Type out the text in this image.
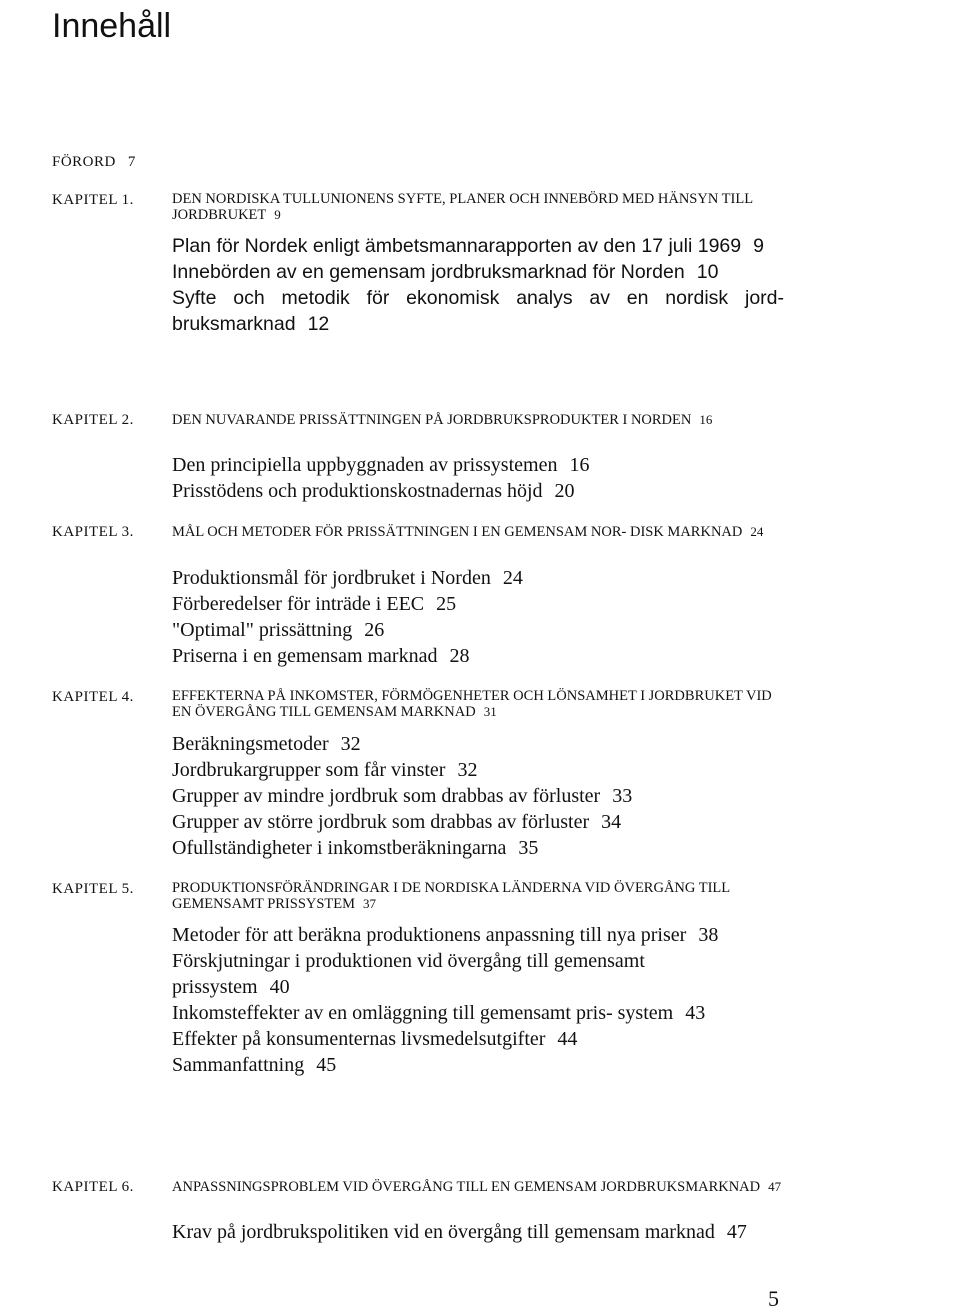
Innehåll
FÖRORD 7
KAPITEL 1.	DEN NORDISKA TULLUNIONENS SYFTE, PLANER OCH INNEBÖRD MED HÄNSYN TILL JORDBRUKET 9
Plan för Nordek enligt ämbetsmannarapporten av den 17 juli 1969 9
Innebörden av en gemensam jordbruksmarknad för Norden 10
Syfte och metodik för ekonomisk analys av en nordisk jord- bruksmarknad 12
KAPITEL 2.	DEN NUVARANDE PRISSÄTTNINGEN PÅ JORDBRUKSPRODUKTER I NORDEN 16
Den principiella uppbyggnaden av prissystemen 16
Prisstödens och produktionskostnadernas höjd 20
KAPITEL 3.	MÅL OCH METODER FÖR PRISSÄTTNINGEN I EN GEMENSAM NOR- DISK MARKNAD 24
Produktionsmål för jordbruket i Norden 24
Förberedelser för inträde i EEC 25
"Optimal" prissättning 26
Priserna i en gemensam marknad 28
KAPITEL 4.	EFFEKTERNA PÅ INKOMSTER, FÖRMÖGENHETER OCH LÖNSAMHET I JORDBRUKET VID EN ÖVERGÅNG TILL GEMENSAM MARKNAD 31
Beräkningsmetoder 32
Jordbrukargrupper som får vinster 32
Grupper av mindre jordbruk som drabbas av förluster 33
Grupper av större jordbruk som drabbas av förluster 34
Ofullständigheter i inkomstberäkningarna 35
KAPITEL 5.	PRODUKTIONSFÖRÄNDRINGAR I DE NORDISKA LÄNDERNA VID ÖVERGÅNG TILL GEMENSAMT PRISSYSTEM 37
Metoder för att beräkna produktionens anpassning till nya priser 38
Förskjutningar i produktionen vid övergång till gemensamt prissystem 40
Inkomsteffekter av en omläggning till gemensamt pris- system 43
Effekter på konsumenternas livsmedelsutgifter 44
Sammanfattning 45
KAPITEL 6.	ANPASSNINGSPROBLEM VID ÖVERGÅNG TILL EN GEMENSAM JORDBRUKSMARKNAD 47
Krav på jordbrukspolitiken vid en övergång till gemensam marknad 47
5
